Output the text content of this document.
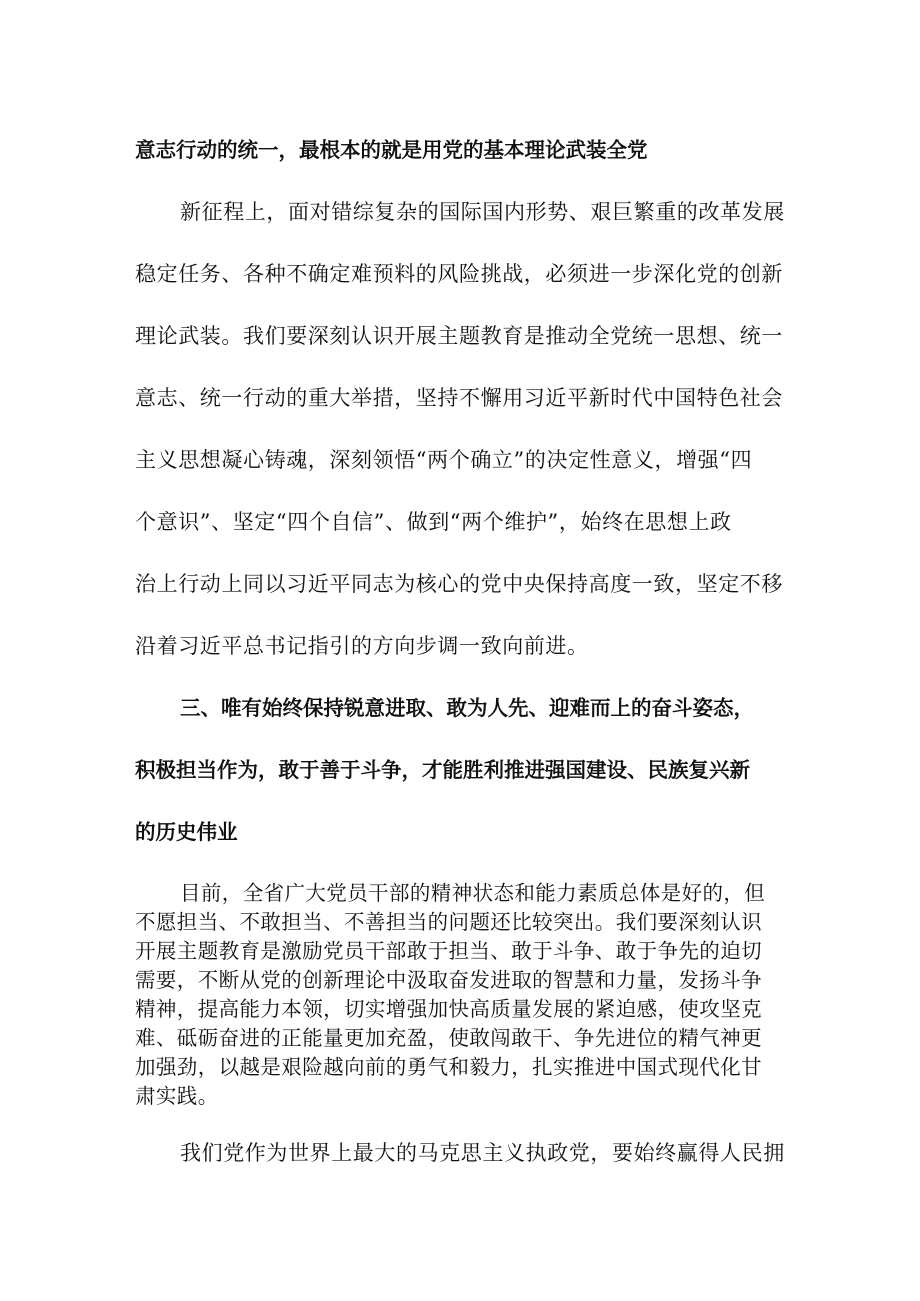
意志行动的统一，最根本的就是用党的基本理论武装全党
新征程上，面对错综复杂的国际国内形势、艰巨繁重的改革发展
稳定任务、各种不确定难预料的风险挑战，必须进一步深化党的创新
理论武装。我们要深刻认识开展主题教育是推动全党统一思想、统一
意志、统一行动的重大举措，坚持不懈用习近平新时代中国特色社会
主义思想凝心铸魂，深刻领悟“两个确立”的决定性意义，增强“四
个意识”、坚定“四个自信”、做到“两个维护”，始终在思想上政
治上行动上同以习近平同志为核心的党中央保持高度一致，坚定不移
沿着习近平总书记指引的方向步调一致向前进。
三、唯有始终保持锐意进取、敢为人先、迎难而上的奋斗姿态，
积极担当作为，敢于善于斗争，才能胜利推进强国建设、民族复兴新
的历史伟业
目前，全省广大党员干部的精神状态和能力素质总体是好的，但
不愿担当、不敢担当、不善担当的问题还比较突出。我们要深刻认识
开展主题教育是激励党员干部敢于担当、敢于斗争、敢于争先的迫切
需要，不断从党的创新理论中汲取奋发进取的智慧和力量，发扬斗争
精神，提高能力本领，切实增强加快高质量发展的紧迫感，使攻坚克
难、砥砺奋进的正能量更加充盈，使敢闯敢干、争先进位的精气神更
加强劲，以越是艰险越向前的勇气和毅力，扎实推进中国式现代化甘
肃实践。
我们党作为世界上最大的马克思主义执政党，要始终赢得人民拥
